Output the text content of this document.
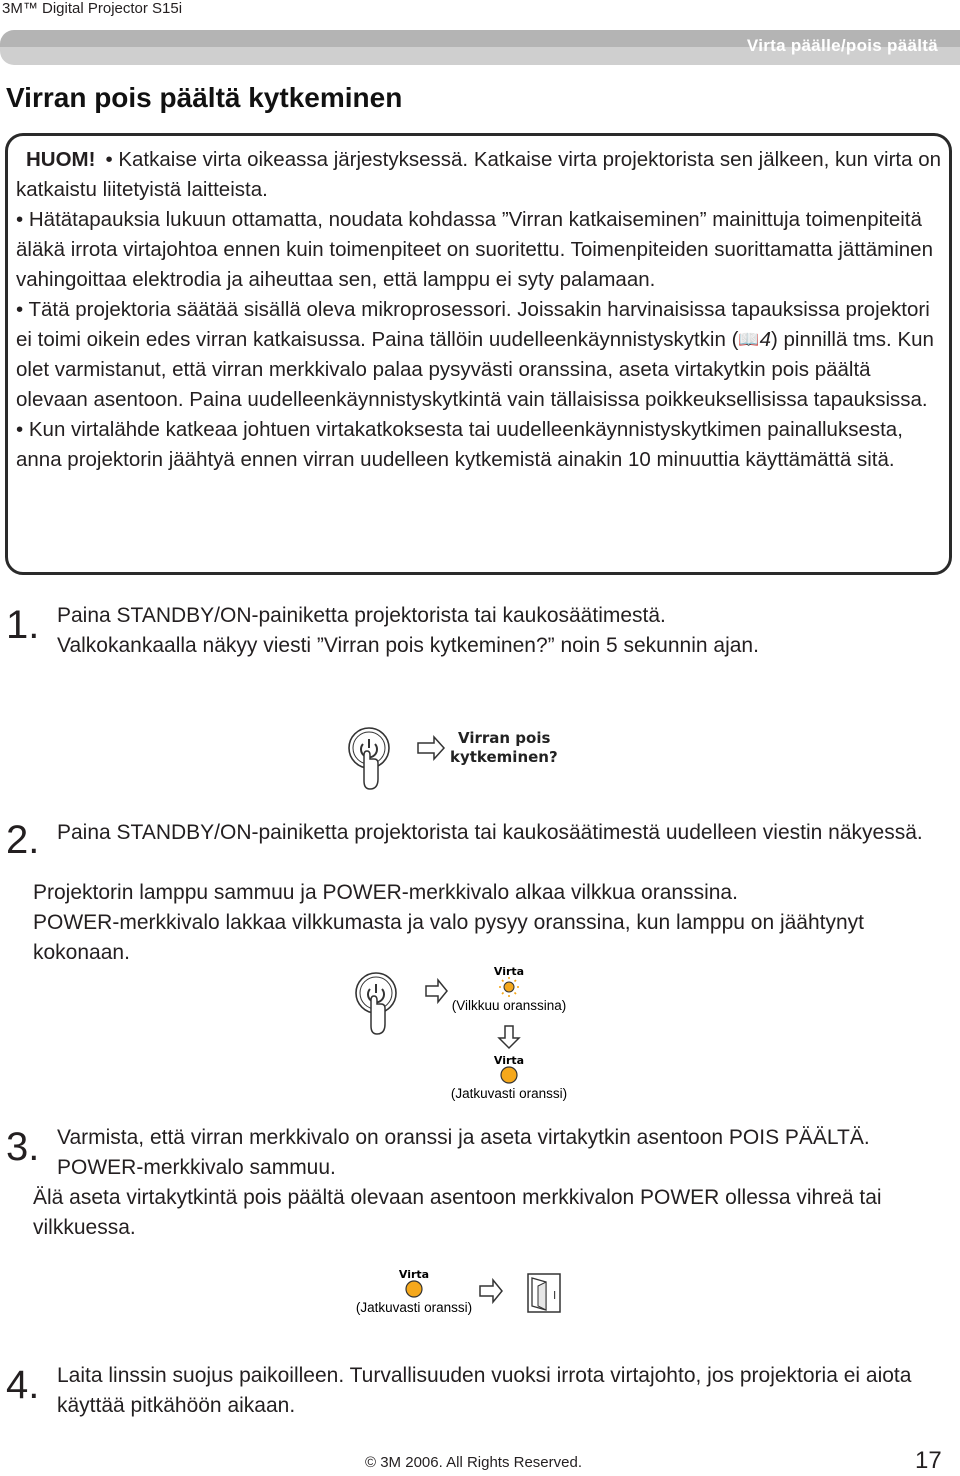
3M™ Digital Projector S15i
Virta päälle/pois päältä
Virran pois päältä kytkeminen

HUOM! • Katkaise virta oikeassa järjestyksessä. Katkaise virta projektorista sen jälkeen, kun virta on katkaistu liitetyistä laitteista.

• Hätätapauksia lukuun ottamatta, noudata kohdassa ”Virran katkaiseminen” mainittuja toimenpiteitä äläkä irrota virtajohtoa ennen kuin toimenpiteet on suoritettu. Toimenpiteiden suorittamatta jättäminen vahingoittaa elektrodia ja aiheuttaa sen, että lamppu ei syty palamaan.

• Tätä projektoria säätää sisällä oleva mikroprosessori. Joissakin harvinaisissa tapauksissa projektori ei toimi oikein edes virran katkaisussa. Paina tällöin uudelleenkäynnistyskytkin (📖4) pinnillä tms. Kun olet varmistanut, että virran merkkivalo palaa pysyvästi oranssina, aseta virtakytkin pois päältä olevaan asentoon. Paina uudelleenkäynnistyskytkintä vain tällaisissa poikkeuksellisissa tapauksissa.

• Kun virtalähde katkeaa johtuen virtakatkoksesta tai uudelleenkäynnistyskytkimen painalluksesta, anna projektorin jäähtyä ennen virran uudelleen kytkemistä ainakin 10 minuuttia käyttämättä sitä.

1. Paina STANDBY/ON-painiketta projektorista tai kaukosäätimestä.
Valkokankaalla näkyy viesti ”Virran pois kytkeminen?” noin 5 sekunnin ajan.
Virran pois
kytkeminen?
2. Paina STANDBY/ON-painiketta projektorista tai kaukosäätimestä uudelleen viestin näkyessä.
Projektorin lamppu sammuu ja POWER-merkkivalo alkaa vilkkua oranssina.
POWER-merkkivalo lakkaa vilkkumasta ja valo pysyy oranssina, kun lamppu on jäähtynyt kokonaan.
Virta
(Vilkkuu oranssina)
Virta
(Jatkuvasti oranssi)
3. Varmista, että virran merkkivalo on oranssi ja aseta virtakytkin asentoon POIS PÄÄLTÄ. POWER-merkkivalo sammuu.
Älä aseta virtakytkintä pois päältä olevaan asentoon merkkivalon POWER ollessa vihreä tai vilkkuessa.
Virta
(Jatkuvasti oranssi)
I
4. Laita linssin suojus paikoilleen. Turvallisuuden vuoksi irrota virtajohto, jos projektoria ei aiota käyttää pitkähöön aikaan.
© 3M 2006. All Rights Reserved.	17
